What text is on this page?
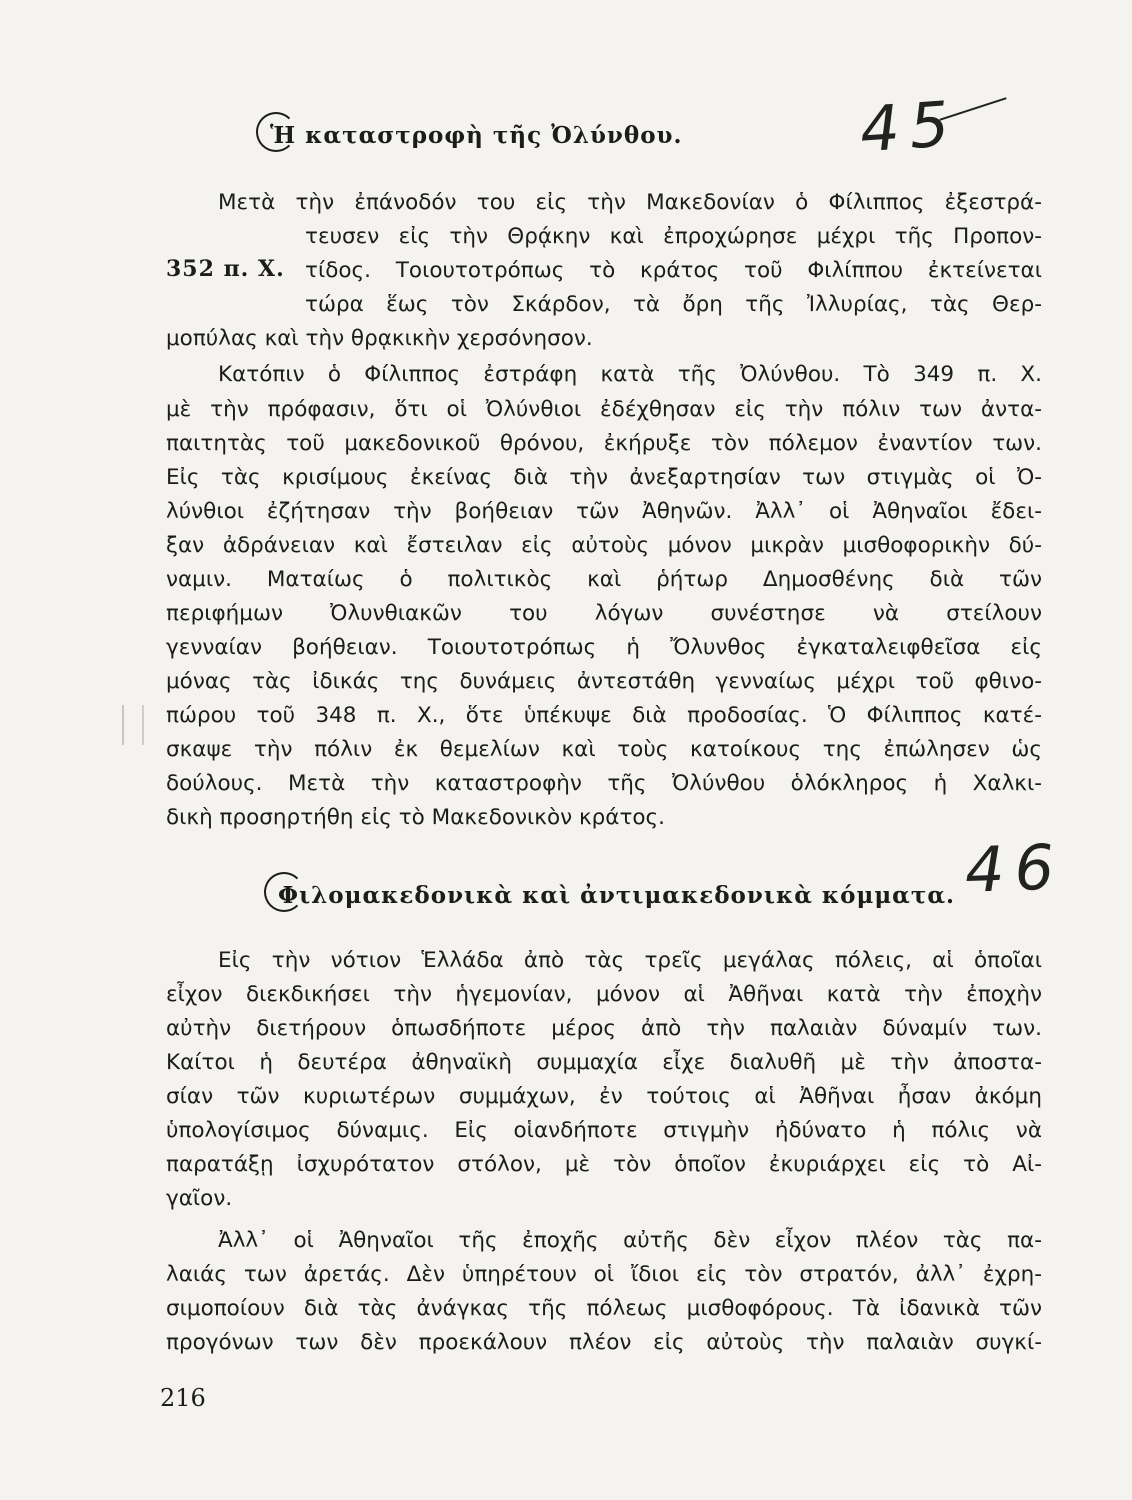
Ἡ καταστροφὴ τῆς Ὀλύνθου.	45
352 π. Χ.
Μετὰ τὴν ἐπάνοδόν του εἰς τὴν Μακεδονίαν ὁ Φίλιππος ἐξεστρά-
τευσεν εἰς τὴν Θρᾴκην καὶ ἐπροχώρησε μέχρι τῆς Προπον-
τίδος. Τοιουτοτρόπως τὸ κράτος τοῦ Φιλίππου ἐκτείνεται
τώρα ἕως τὸν Σκάρδον, τὰ ὄρη τῆς Ἰλλυρίας, τὰς Θερ-
μοπύλας καὶ τὴν θρᾳκικὴν χερσόνησον.
Κατόπιν ὁ Φίλιππος ἐστράφη κατὰ τῆς Ὀλύνθου. Τὸ 349 π. Χ.
μὲ τὴν πρόφασιν, ὅτι οἱ Ὀλύνθιοι ἐδέχθησαν εἰς τὴν πόλιν των ἀντα-
παιτητὰς τοῦ μακεδονικοῦ θρόνου, ἐκήρυξε τὸν πόλεμον ἐναντίον των.
Εἰς τὰς κρισίμους ἐκείνας διὰ τὴν ἀνεξαρτησίαν των στιγμὰς οἱ Ὀ-
λύνθιοι ἐζήτησαν τὴν βοήθειαν τῶν Ἀθηνῶν. Ἀλλ᾽ οἱ Ἀθηναῖοι ἔδει-
ξαν ἀδράνειαν καὶ ἔστειλαν εἰς αὐτοὺς μόνον μικρὰν μισθοφορικὴν δύ-
ναμιν. Ματαίως ὁ πολιτικὸς καὶ ῥήτωρ Δημοσθένης διὰ τῶν
περιφήμων Ὀλυνθιακῶν του λόγων συνέστησε νὰ στείλουν
γενναίαν βοήθειαν. Τοιουτοτρόπως ἡ Ὄλυνθος ἐγκαταλειφθεῖσα εἰς
μόνας τὰς ἰδικάς της δυνάμεις ἀντεστάθη γενναίως μέχρι τοῦ φθινο-
πώρου τοῦ 348 π. Χ., ὅτε ὑπέκυψε διὰ προδοσίας. Ὁ Φίλιππος κατέ-
σκαψε τὴν πόλιν ἐκ θεμελίων καὶ τοὺς κατοίκους της ἐπώλησεν ὡς
δούλους. Μετὰ τὴν καταστροφὴν τῆς Ὀλύνθου ὁλόκληρος ἡ Χαλκι-
δικὴ προσηρτήθη εἰς τὸ Μακεδονικὸν κράτος.
Φιλομακεδονικὰ καὶ ἀντιμακεδονικὰ κόμματα. 46
Εἰς τὴν νότιον Ἑλλάδα ἀπὸ τὰς τρεῖς μεγάλας πόλεις, αἱ ὁποῖαι
εἶχον διεκδικήσει τὴν ἡγεμονίαν, μόνον αἱ Ἀθῆναι κατὰ τὴν ἐποχὴν
αὐτὴν διετήρουν ὁπωσδήποτε μέρος ἀπὸ τὴν παλαιὰν δύναμίν των.
Καίτοι ἡ δευτέρα ἀθηναϊκὴ συμμαχία εἶχε διαλυθῆ μὲ τὴν ἀποστα-
σίαν τῶν κυριωτέρων συμμάχων, ἐν τούτοις αἱ Ἀθῆναι ἦσαν ἀκόμη
ὑπολογίσιμος δύναμις. Εἰς οἱανδήποτε στιγμὴν ἠδύνατο ἡ πόλις νὰ
παρατάξῃ ἰσχυρότατον στόλον, μὲ τὸν ὁποῖον ἐκυριάρχει εἰς τὸ Αἰ-
γαῖον.
Ἀλλ᾽ οἱ Ἀθηναῖοι τῆς ἐποχῆς αὐτῆς δὲν εἶχον πλέον τὰς πα-
λαιάς των ἀρετάς. Δὲν ὑπηρέτουν οἱ ἴδιοι εἰς τὸν στρατόν, ἀλλ᾽ ἐχρη-
σιμοποίουν διὰ τὰς ἀνάγκας τῆς πόλεως μισθοφόρους. Τὰ ἰδανικὰ τῶν
προγόνων των δὲν προεκάλουν πλέον εἰς αὐτοὺς τὴν παλαιὰν συγκί-
216
